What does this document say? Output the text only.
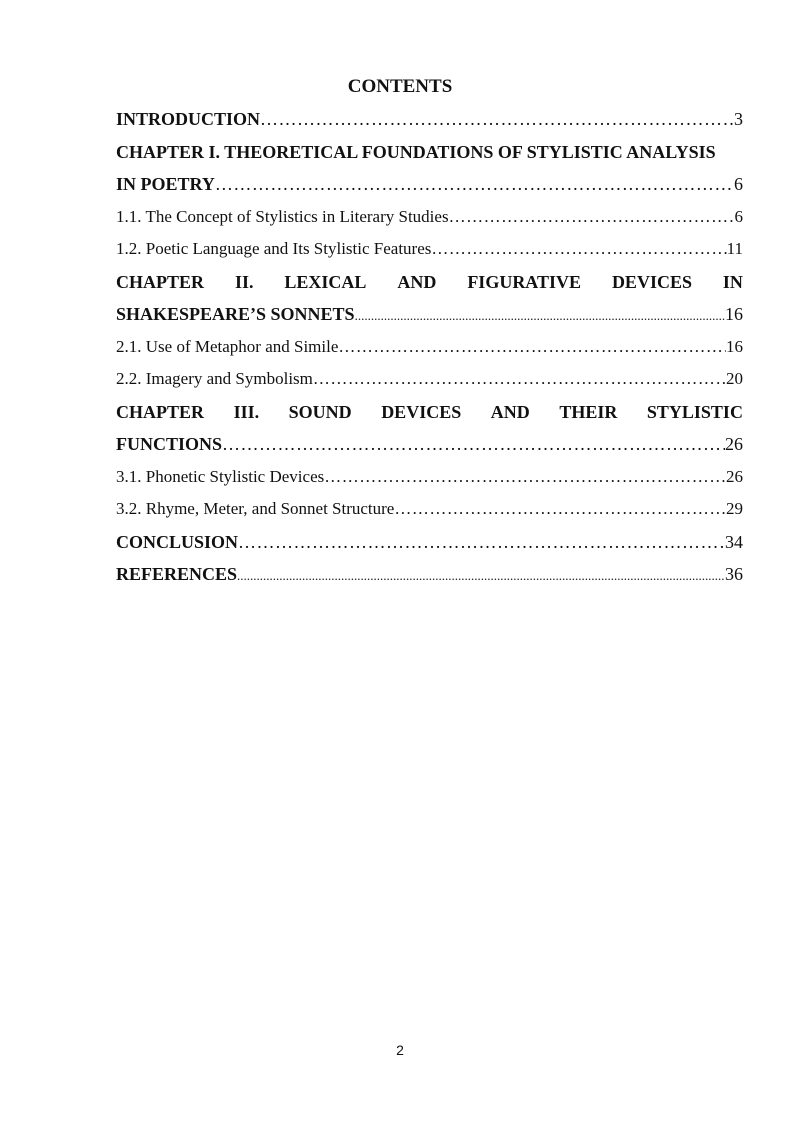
CONTENTS
INTRODUCTION …………………………………………………………………………………………………………………………………………………………………………………	3
CHAPTER I. THEORETICAL FOUNDATIONS OF STYLISTIC ANALYSIS
IN POETRY …………………………………………………………………………………………………………………………………………………………………………………	6
1.1. The Concept of Stylistics in Literary Studies …………………………………………………………………………………………………………………………………………………………………………………	6
1.2. Poetic Language and Its Stylistic Features …………………………………………………………………………………………………………………………………………………………………………………	11
CHAPTER II. LEXICAL AND FIGURATIVE DEVICES IN
SHAKESPEARE’S SONNETS .....	16
2.1. Use of Metaphor and Simile …………………………………………………………………………………………………………………………………………………………………………………	16
2.2. Imagery and Symbolism …………………………………………………………………………………………………………………………………………………………………………………	20
CHAPTER III. SOUND DEVICES AND THEIR STYLISTIC
FUNCTIONS …………………………………………………………………………………………………………………………………………………………………………………	26
3.1. Phonetic Stylistic Devices …………………………………………………………………………………………………………………………………………………………………………………	26
3.2. Rhyme, Meter, and Sonnet Structure …………………………………………………………………………………………………………………………………………………………………………………	29
CONCLUSION …………………………………………………………………………………………………………………………………………………………………………………	34
REFERENCES .....	36
2
